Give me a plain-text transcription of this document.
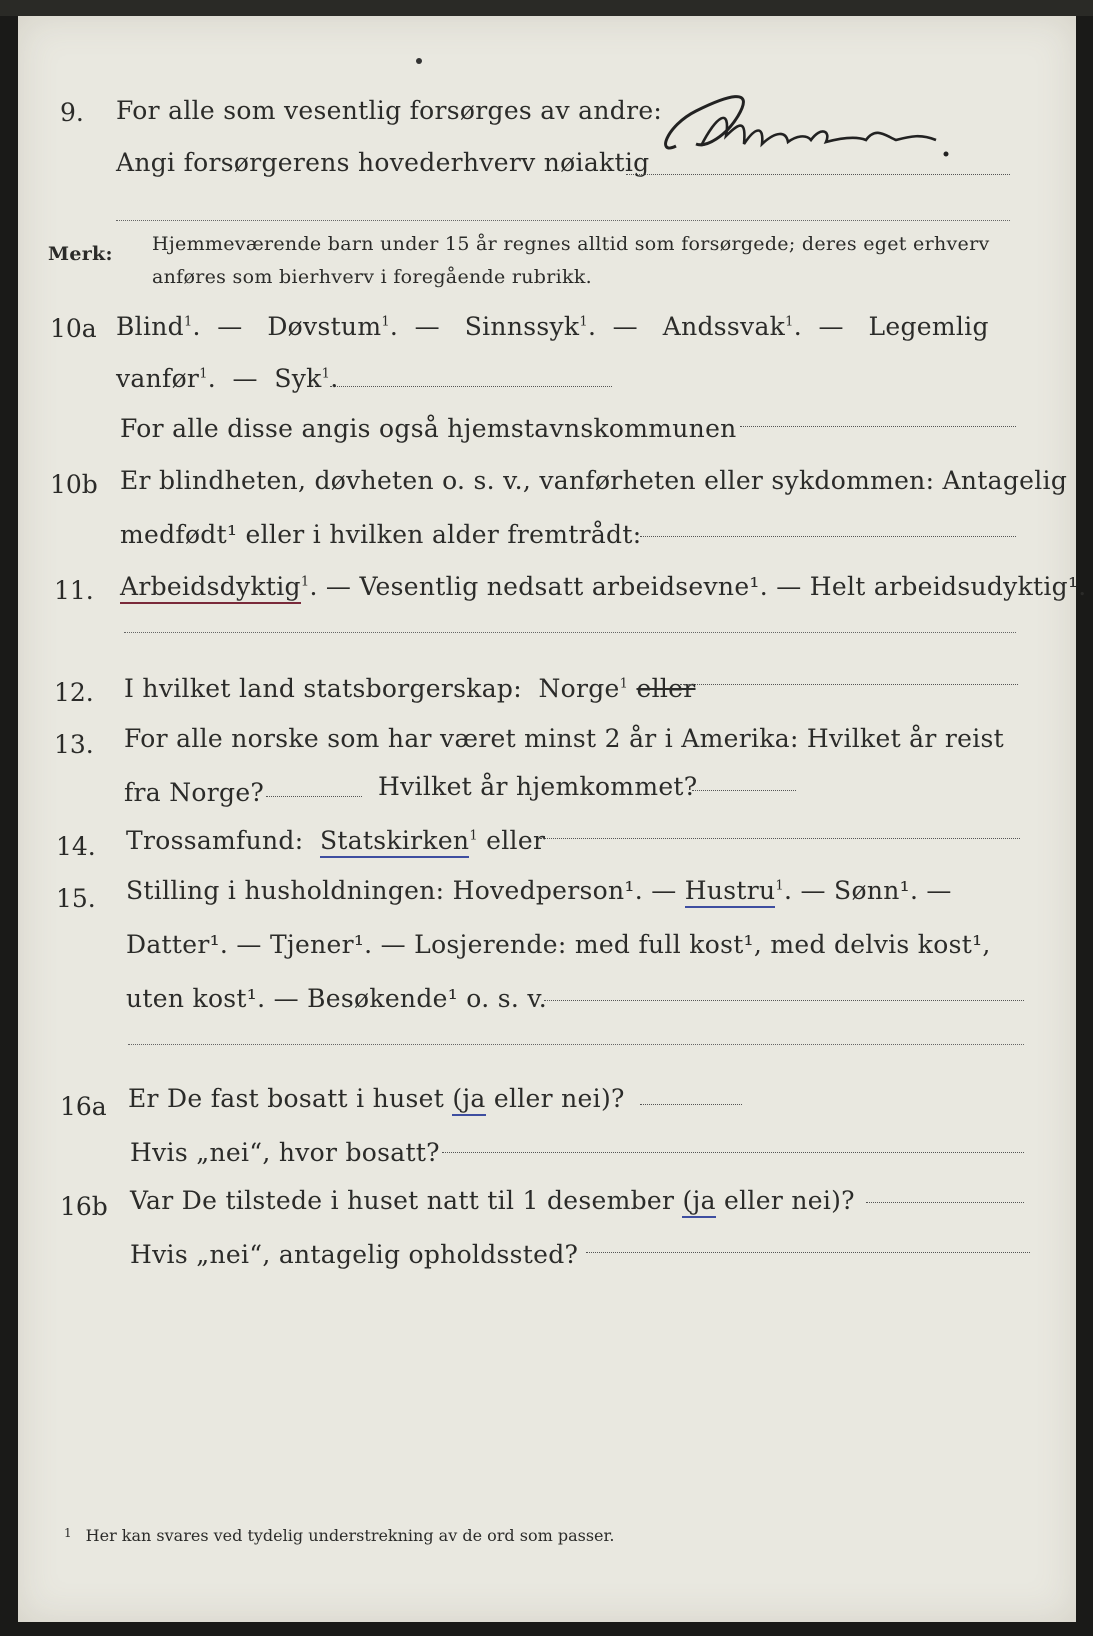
9. For alle som vesentlig forsørges av andre:
Angi forsørgerens hovederhverv nøiaktig
Merk: Hjemmeværende barn under 15 år regnes alltid som forsørgede; deres eget erhverv
anføres som bierhverv i foregående rubrikk.
10a Blind$^1$.  —   Døvstum$^1$.  —   Sinnssyk$^1$.  —   Andssvak$^1$.  —   Legemlig
vanfør$^1$.  —  Syk$^1$.
For alle disse angis også hjemstavnskommunen
10b Er blindheten, døvheten o. s. v., vanførheten eller sykdommen: Antagelig
medfødt¹ eller i hvilken alder fremtrådt:
11. Arbeidsdyktig$^1$. — Vesentlig nedsatt arbeidsevne¹. — Helt arbeidsudyktig¹.
12. I hvilket land statsborgerskap: Norge$^1$ eller
13. For alle norske som har været minst 2 år i Amerika: Hvilket år reist
fra Norge?	Hvilket år hjemkommet?
14. Trossamfund: Statskirken$^1$ eller
15. Stilling i husholdningen: Hovedperson¹. — Hustru$^1$. — Sønn¹. —
Datter¹. — Tjener¹. — Losjerende: med full kost¹, med delvis kost¹,
uten kost¹. — Besøkende¹ o. s. v.
16a Er De fast bosatt i huset (ja eller nei)?
Hvis „nei“, hvor bosatt?
16b Var De tilstede i huset natt til 1 desember (ja eller nei)?
Hvis „nei“, antagelig opholdssted?
$^1$ Her kan svares ved tydelig understrekning av de ord som passer.
